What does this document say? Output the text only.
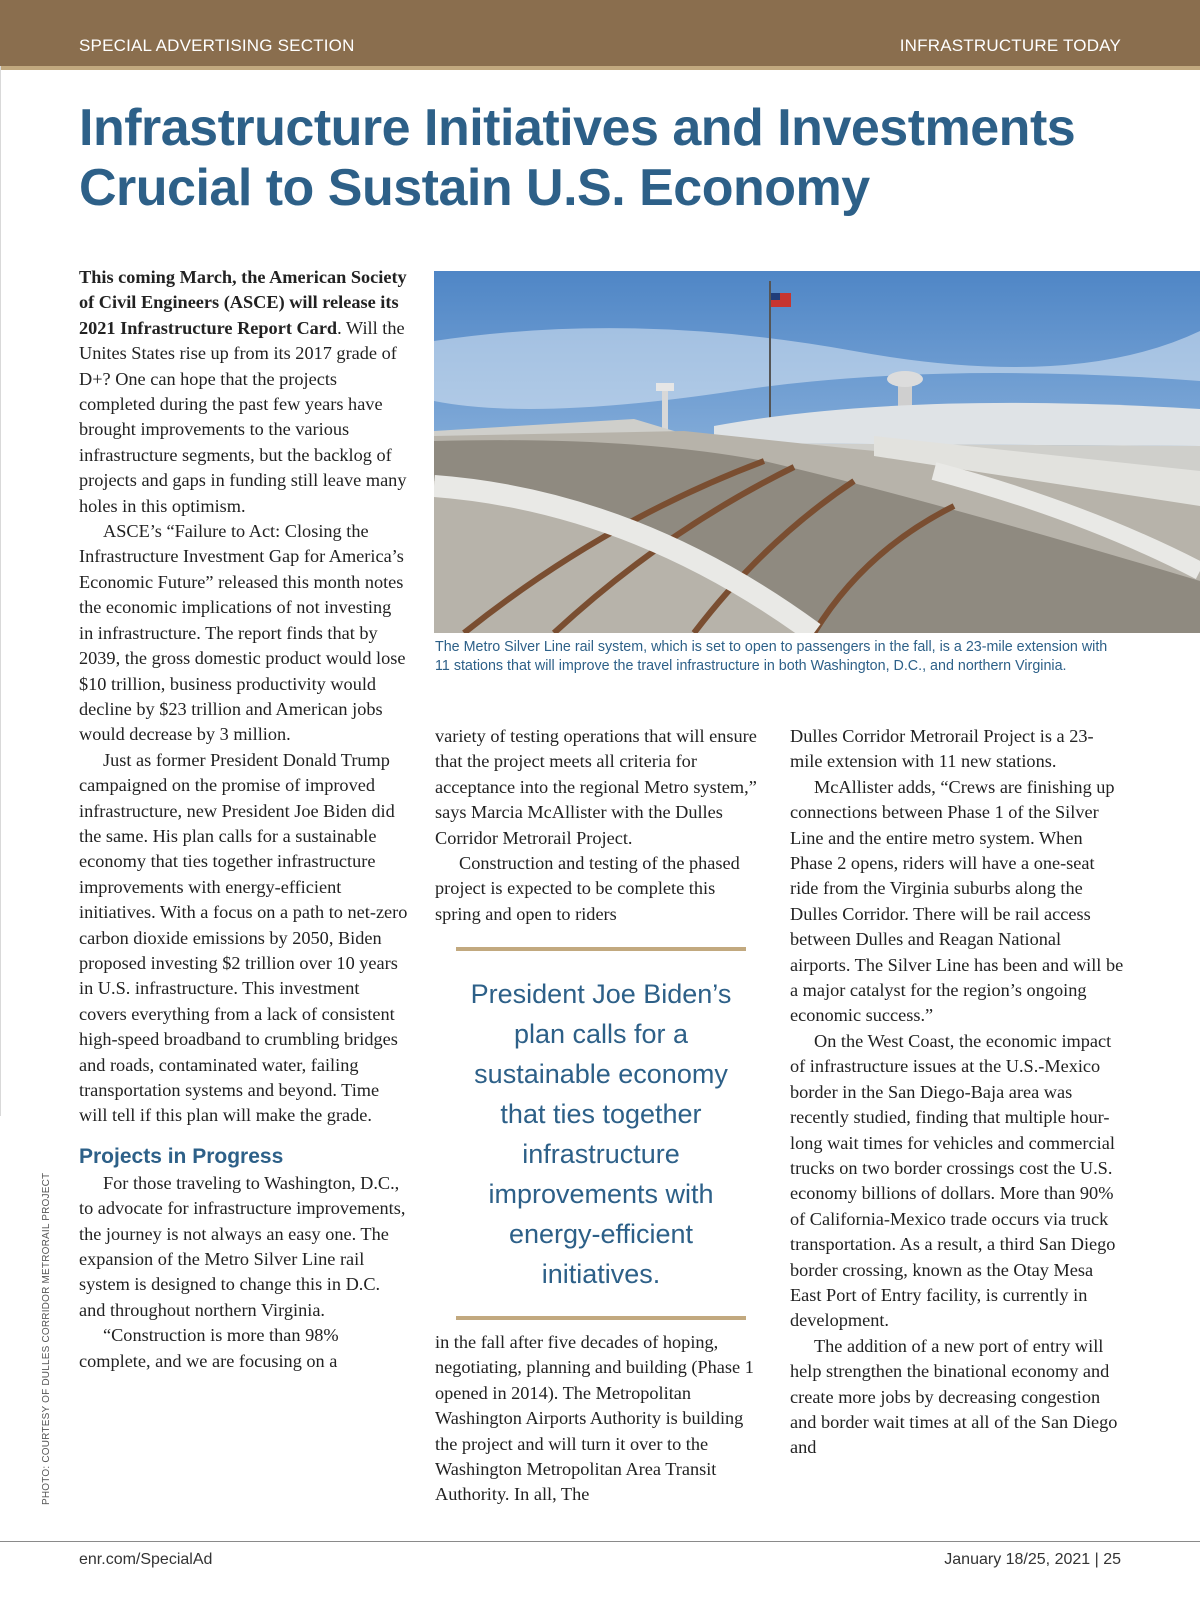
SPECIAL ADVERTISING SECTION	INFRASTRUCTURE TODAY
Infrastructure Initiatives and Investments Crucial to Sustain U.S. Economy

This coming March, the American Society of Civil Engineers (ASCE) will release its 2021 Infrastructure Report Card. Will the Unites States rise up from its 2017 grade of D+? One can hope that the projects completed during the past few years have brought improvements to the various infrastructure segments, but the backlog of projects and gaps in funding still leave many holes in this optimism.

ASCE’s “Failure to Act: Closing the Infrastructure Investment Gap for America’s Economic Future” released this month notes the economic implications of not investing in infrastructure. The report finds that by 2039, the gross domestic product would lose $10 trillion, business productivity would decline by $23 trillion and American jobs would decrease by 3 million.

Just as former President Donald Trump campaigned on the promise of improved infrastructure, new President Joe Biden did the same. His plan calls for a sustainable economy that ties together infrastructure improvements with energy-efficient initiatives. With a focus on a path to net-zero carbon dioxide emissions by 2050, Biden proposed investing $2 trillion over 10 years in U.S. infrastructure. This investment covers everything from a lack of consistent high-speed broadband to crumbling bridges and roads, contaminated water, failing transportation systems and beyond. Time will tell if this plan will make the grade.

Projects in Progress

For those traveling to Washington, D.C., to advocate for infrastructure improvements, the journey is not always an easy one. The expansion of the Metro Silver Line rail system is designed to change this in D.C. and throughout northern Virginia.

“Construction is more than 98% complete, and we are focusing on a

The Metro Silver Line rail system, which is set to open to passengers in the fall, is a 23-mile extension with 11 stations that will improve the travel infrastructure in both Washington, D.C., and northern Virginia.

variety of testing operations that will ensure that the project meets all criteria for acceptance into the regional Metro system,” says Marcia McAllister with the Dulles Corridor Metrorail Project.

Construction and testing of the phased project is expected to be complete this spring and open to riders

President Joe Biden’s plan calls for a sustainable economy that ties together infrastructure improvements with energy-efficient initiatives.

in the fall after five decades of hoping, negotiating, planning and building (Phase 1 opened in 2014). The Metropolitan Washington Airports Authority is building the project and will turn it over to the Washington Metropolitan Area Transit Authority. In all, The

Dulles Corridor Metrorail Project is a 23-mile extension with 11 new stations.

McAllister adds, “Crews are finishing up connections between Phase 1 of the Silver Line and the entire metro system. When Phase 2 opens, riders will have a one-seat ride from the Virginia suburbs along the Dulles Corridor. There will be rail access between Dulles and Reagan National airports. The Silver Line has been and will be a major catalyst for the region’s ongoing economic success.”

On the West Coast, the economic impact of infrastructure issues at the U.S.-Mexico border in the San Diego-Baja area was recently studied, finding that multiple hour-long wait times for vehicles and commercial trucks on two border crossings cost the U.S. economy billions of dollars. More than 90% of California-Mexico trade occurs via truck transportation. As a result, a third San Diego border crossing, known as the Otay Mesa East Port of Entry facility, is currently in development.

The addition of a new port of entry will help strengthen the binational economy and create more jobs by decreasing congestion and border wait times at all of the San Diego and

PHOTO: COURTESY OF DULLES CORRIDOR METRORAIL PROJECT
enr.com/SpecialAd	January 18/25, 2021 | 25
